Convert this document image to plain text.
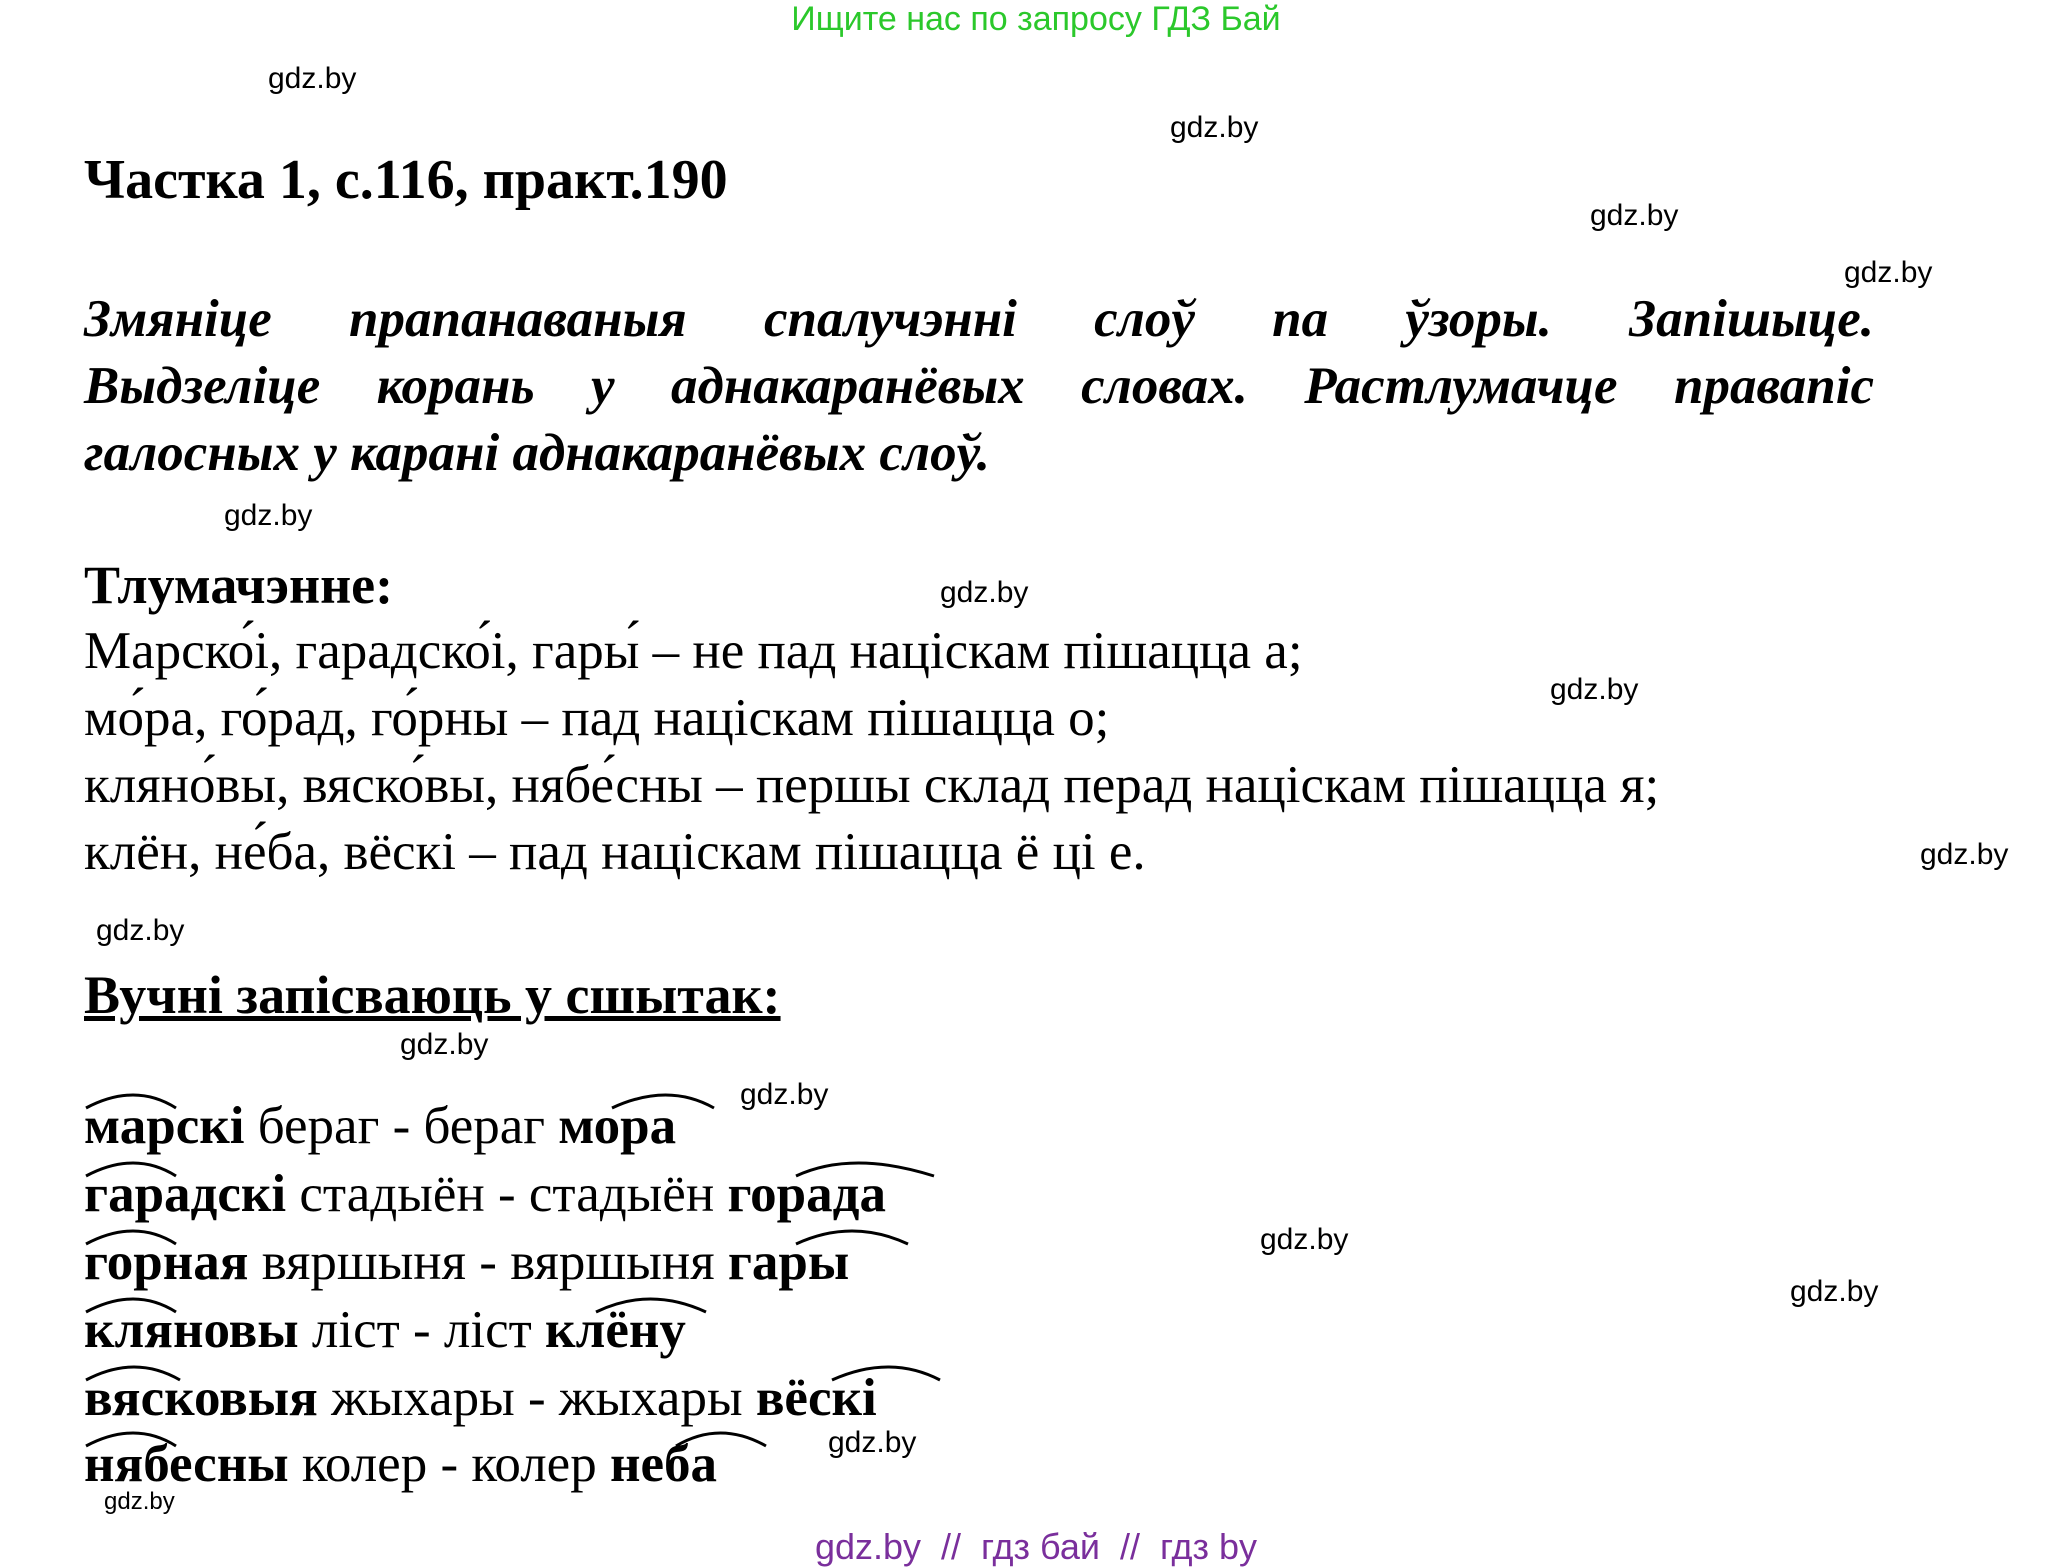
Ищите нас по запросу ГДЗ Бай
gdz.by
gdz.by
gdz.by
gdz.by
gdz.by
gdz.by
gdz.by
gdz.by
gdz.by
gdz.by
gdz.by
gdz.by
gdz.by
gdz.by
gdz.by
Частка 1, с.116, практ.190
Змяніце прапанаваныя спалучэнні слоў па ўзоры. Запішыце.
Выдзеліце корань у аднакаранёвых словах. Растлумачце правапіс
галосных у карані аднакаранёвых слоў.
Тлумачэнне:
Марско́і, гарадско́і, гары́ – не пад націскам пішацца а;
мо́ра, го́рад, го́рны – пад націскам пішацца о;
кляно́вы, вяско́вы, нябе́сны – першы склад перад націскам пішацца я;
клён, не́ба, вёскі – пад націскам пішацца ё ці е.
Вучні запісваюць у сшытак:
марскі бераг - бераг мора
гарадскі стадыён - стадыён горада
горная вяршыня - вяршыня гары
кляновы ліст - ліст клёну
вясковыя жыхары - жыхары вёскі
нябесны колер - колер неба
gdz.by  //  гдз бай  //  гдз by
